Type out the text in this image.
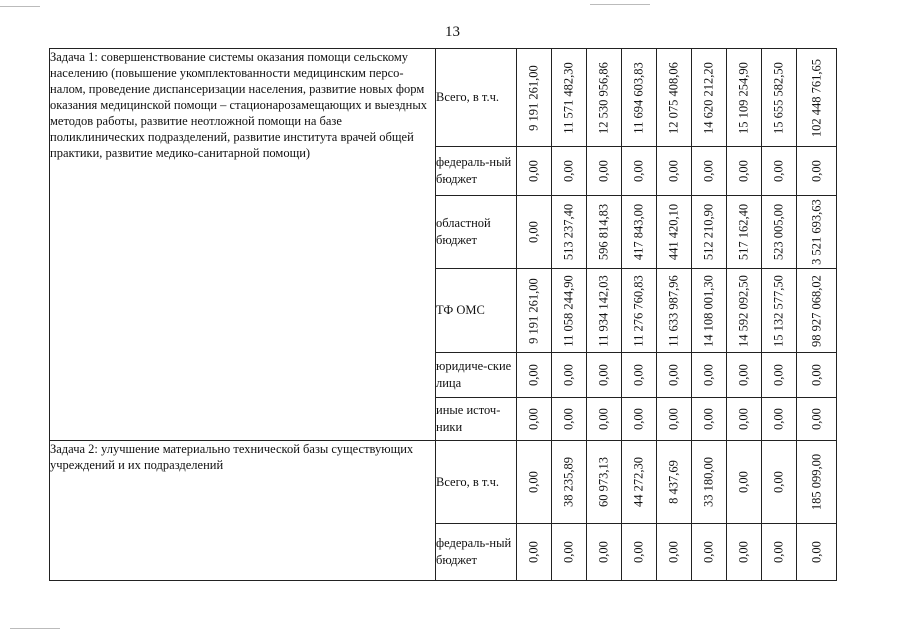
13
Задача 1: совершенствование системы оказания помощи сельскому населению (повышение укомплектованности медицинским персо-налом, проведение диспансеризации населения, развитие новых форм оказания медицинской помощи – стационарозамещающих и выездных методов работы, развитие неотложной помощи на базе поликлинических подразделений, развитие института врачей общей практики, развитие медико-санитарной помощи)	Всего, в т.ч.	9 191 261,00	11 571 482,30	12 530 956,86	11 694 603,83	12 075 408,06	14 620 212,20	15 109 254,90	15 655 582,50	102 448 761,65

	федераль-ный бюджет	0,00	0,00	0,00	0,00	0,00	0,00	0,00	0,00	0,00

	областной бюджет	0,00	513 237,40	596 814,83	417 843,00	441 420,10	512 210,90	517 162,40	523 005,00	3 521 693,63

	ТФ ОМС	9 191 261,00	11 058 244,90	11 934 142,03	11 276 760,83	11 633 987,96	14 108 001,30	14 592 092,50	15 132 577,50	98 927 068,02

	юридиче-ские лица	0,00	0,00	0,00	0,00	0,00	0,00	0,00	0,00	0,00

	иные источ-ники	0,00	0,00	0,00	0,00	0,00	0,00	0,00	0,00	0,00

Задача 2: улучшение материально технической базы существующих учреждений и их подразделений	Всего, в т.ч.	0,00	38 235,89	60 973,13	44 272,30	8 437,69	33 180,00	0,00	0,00	185 099,00

	федераль-ный бюджет	0,00	0,00	0,00	0,00	0,00	0,00	0,00	0,00	0,00
